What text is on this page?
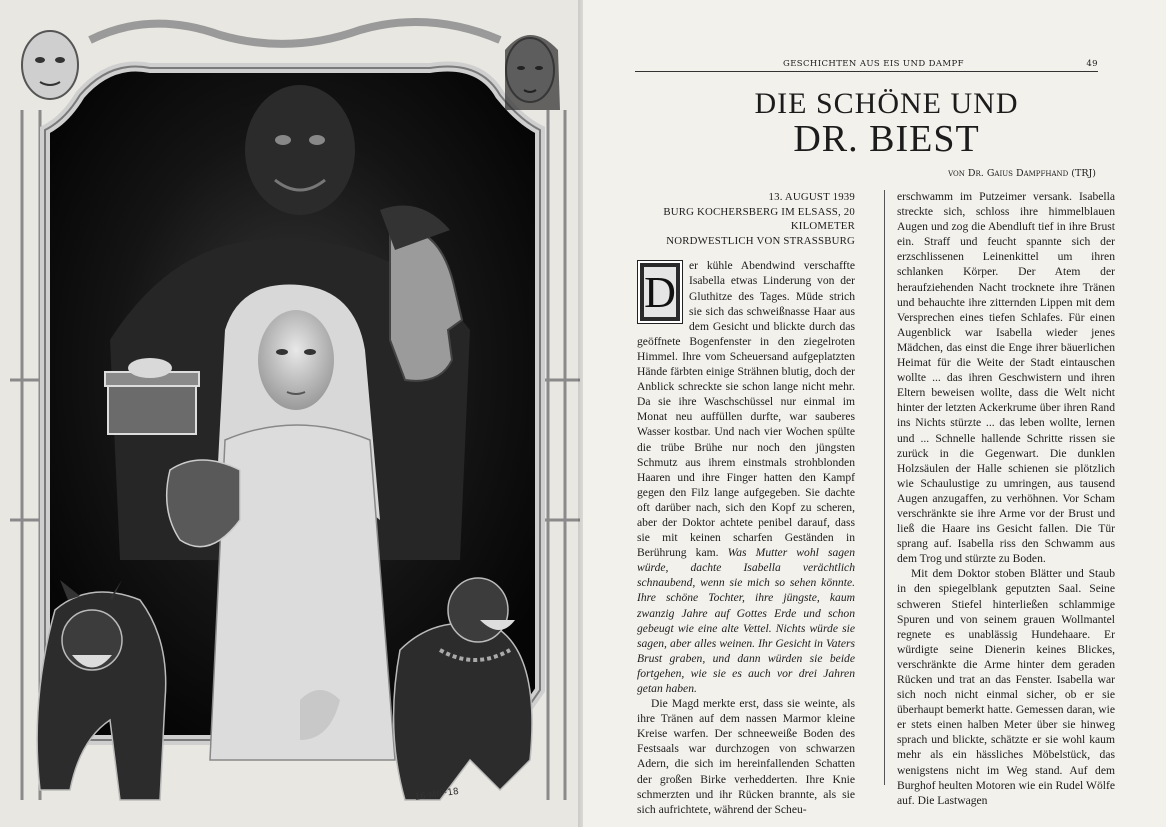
16·MIP·18
GESCHICHTEN AUS EIS UND DAMPF	49
DIE SCHÖNE UND
DR. BIEST
von Dr. Gaius Dampfhand (TRJ)
13. AUGUST 1939
BURG KOCHERSBERG IM ELSASS, 20 KILOMETER
NORDWESTLICH VON STRASSBURG

D
er kühle Abendwind verschaffte Isabella etwas Linderung von der Gluthitze des Tages. Müde strich sie sich das schweißnasse Haar aus dem Gesicht und blickte durch das geöffnete Bogenfenster in den ziegelroten Himmel. Ihre vom Scheuersand aufgeplatzten Hände färbten einige Strähnen blutig, doch der Anblick schreckte sie schon lange nicht mehr. Da sie ihre Waschschüssel nur einmal im Monat neu auffüllen durfte, war sauberes Wasser kostbar. Und nach vier Wochen spülte die trübe Brühe nur noch den jüngsten Schmutz aus ihrem einstmals strohblonden Haaren und ihre Finger hatten den Kampf gegen den Filz lange aufgegeben. Sie dachte oft darüber nach, sich den Kopf zu scheren, aber der Doktor achtete penibel darauf, dass sie mit keinen scharfen Geständen in Berührung kam. Was Mutter wohl sagen würde, dachte Isabella verächtlich schnaubend, wenn sie mich so sehen könnte. Ihre schöne Tochter, ihre jüngste, kaum zwanzig Jahre auf Gottes Erde und schon gebeugt wie eine alte Vettel. Nichts würde sie sagen, aber alles weinen. Ihr Gesicht in Vaters Brust graben, und dann würden sie beide fortgehen, wie sie es auch vor drei Jahren getan haben.

Die Magd merkte erst, dass sie weinte, als ihre Tränen auf dem nassen Marmor kleine Kreise warfen. Der schneeweiße Boden des Festsaals war durchzogen von schwarzen Adern, die sich im hereinfallenden Schatten der großen Birke verhedderten. Ihre Knie schmerzten und ihr Rücken brannte, als sie sich aufrichtete, während der Scheu-

erschwamm im Putzeimer versank. Isabella streckte sich, schloss ihre himmelblauen Augen und zog die Abendluft tief in ihre Brust ein. Straff und feucht spannte sich der erzschlissenen Leinenkittel um ihren schlanken Körper. Der Atem der heraufziehenden Nacht trocknete ihre Tränen und behauchte ihre zitternden Lippen mit dem Versprechen eines tiefen Schlafes. Für einen Augenblick war Isabella wieder jenes Mädchen, das einst die Enge ihrer bäuerlichen Heimat für die Weite der Stadt eintauschen wollte ... das ihren Geschwistern und ihren Eltern beweisen wollte, dass die Welt nicht hinter der letzten Ackerkrume über ihren Rand ins Nichts stürzte ... das leben wollte, lernen und ... Schnelle hallende Schritte rissen sie zurück in die Gegenwart. Die dunklen Holzsäulen der Halle schienen sie plötzlich wie Schaulustige zu umringen, aus tausend Augen anzugaffen, zu verhöhnen. Vor Scham verschränkte sie ihre Arme vor der Brust und ließ die Haare ins Gesicht fallen. Die Tür sprang auf. Isabella riss den Schwamm aus dem Trog und stürzte zu Boden.

Mit dem Doktor stoben Blätter und Staub in den spiegelblank geputzten Saal. Seine schweren Stiefel hinterließen schlammige Spuren und von seinem grauen Wollmantel regnete es unablässig Hundehaare. Er würdigte seine Dienerin keines Blickes, verschränkte die Arme hinter dem geraden Rücken und trat an das Fenster. Isabella war sich noch nicht einmal sicher, ob er sie überhaupt bemerkt hatte. Gemessen daran, wie er stets einen halben Meter über sie hinweg sprach und blickte, schätzte er sie wohl kaum mehr als ein hässliches Möbelstück, das wenigstens nicht im Weg stand. Auf dem Burghof heulten Motoren wie ein Rudel Wölfe auf. Die Lastwagen
